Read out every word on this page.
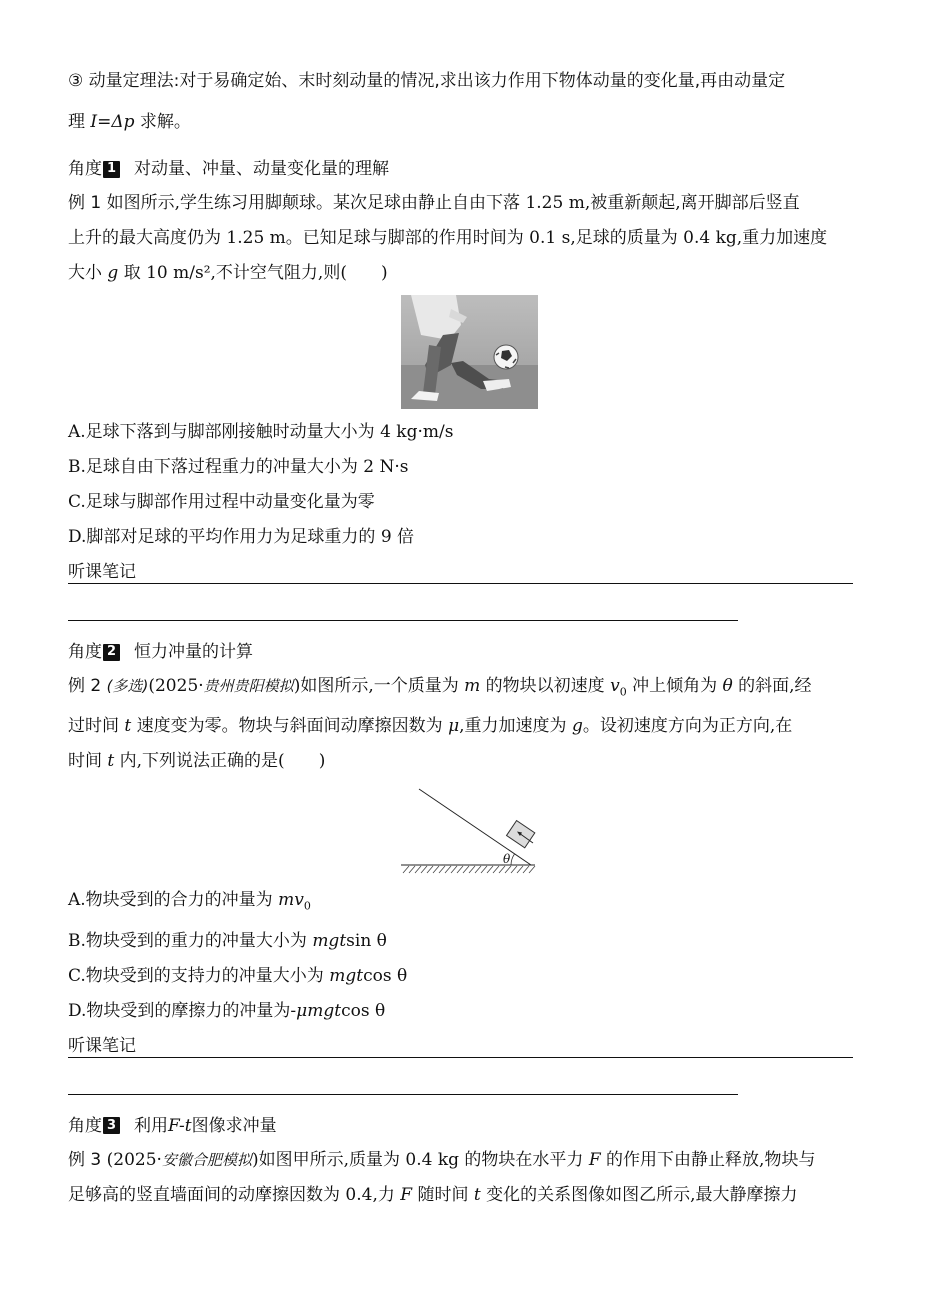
③ 动量定理法:对于易确定始、末时刻动量的情况,求出该力作用下物体动量的变化量,再由动量定

理 I=Δp 求解。

角度 1 对动量、冲量、动量变化量的理解

例 1 如图所示,学生练习用脚颠球。某次足球由静止自由下落 1.25 m,被重新颠起,离开脚部后竖直

上升的最大高度仍为 1.25 m。已知足球与脚部的作用时间为 0.1 s,足球的质量为 0.4 kg,重力加速度

大小 g 取 10 m/s²,不计空气阻力,则(　　)

A.足球下落到与脚部刚接触时动量大小为 4 kg·m/s

B.足球自由下落过程重力的冲量大小为 2 N·s

C.足球与脚部作用过程中动量变化量为零

D.脚部对足球的平均作用力为足球重力的 9 倍

听课笔记

角度 2 恒力冲量的计算

例 2 (多选)(2025·贵州贵阳模拟)如图所示,一个质量为 m 的物块以初速度 $v_0$ 冲上倾角为 θ 的斜面,经

过时间 t 速度变为零。物块与斜面间动摩擦因数为 μ,重力加速度为 g。设初速度方向为正方向,在

时间 t 内,下列说法正确的是(　　)

θ

A.物块受到的合力的冲量为 $mv_0$

B.物块受到的重力的冲量大小为 mgtsin θ

C.物块受到的支持力的冲量大小为 mgtcos θ

D.物块受到的摩擦力的冲量为-μmgtcos θ

听课笔记

角度 3 利用 F-t 图像求冲量

例 3 (2025·安徽合肥模拟)如图甲所示,质量为 0.4 kg 的物块在水平力 F 的作用下由静止释放,物块与

足够高的竖直墙面间的动摩擦因数为 0.4,力 F 随时间 t 变化的关系图像如图乙所示,最大静摩擦力
